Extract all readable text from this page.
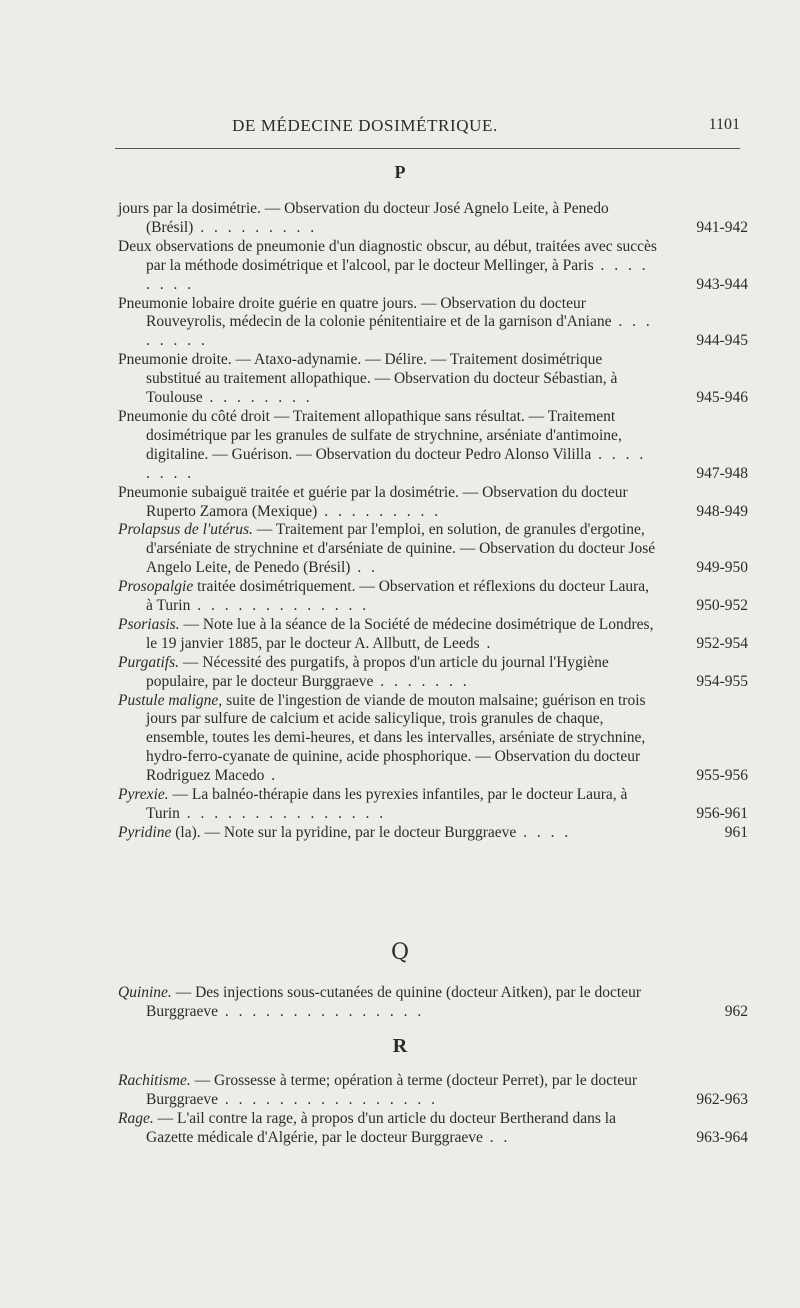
DE MÉDECINE DOSIMÉTRIQUE.	1101
P
jours par la dosimétrie. — Observation du docteur José Agnelo Leite, à Penedo (Brésil) . . . . . . . . .	941-942
Deux observations de pneumonie d'un diagnostic obscur, au début, traitées avec succès par la méthode dosimétrique et l'alcool, par le docteur Mellinger, à Paris . . . . . . . .	943-944
Pneumonie lobaire droite guérie en quatre jours. — Observation du docteur Rouveyrolis, médecin de la colonie pénitentiaire et de la garnison d'Aniane . . . . . . . .	944-945
Pneumonie droite. — Ataxo-adynamie. — Délire. — Traitement dosimétrique substitué au traitement allopathique. — Observation du docteur Sébastian, à Toulouse . . . . . . . .	945-946
Pneumonie du côté droit — Traitement allopathique sans résultat. — Traitement dosimétrique par les granules de sulfate de strychnine, arséniate d'antimoine, digitaline. — Guérison. — Observation du docteur Pedro Alonso Vililla . . . . . . . .	947-948
Pneumonie subaiguë traitée et guérie par la dosimétrie. — Observation du docteur Ruperto Zamora (Mexique) . . . . . . . . .	948-949
Prolapsus de l'utérus. — Traitement par l'emploi, en solution, de granules d'ergotine, d'arséniate de strychnine et d'arséniate de quinine. — Observation du docteur José Angelo Leite, de Penedo (Brésil) . .	949-950
Prosopalgie traitée dosimétriquement. — Observation et réflexions du docteur Laura, à Turin . . . . . . . . . . . . .	950-952
Psoriasis. — Note lue à la séance de la Société de médecine dosimétrique de Londres, le 19 janvier 1885, par le docteur A. Allbutt, de Leeds .	952-954
Purgatifs. — Nécessité des purgatifs, à propos d'un article du journal l'Hygiène populaire, par le docteur Burggraeve . . . . . . .	954-955
Pustule maligne, suite de l'ingestion de viande de mouton malsaine; guérison en trois jours par sulfure de calcium et acide salicylique, trois granules de chaque, ensemble, toutes les demi-heures, et dans les intervalles, arséniate de strychnine, hydro-ferro-cyanate de quinine, acide phosphorique. — Observation du docteur Rodriguez Macedo .	955-956
Pyrexie. — La balnéo-thérapie dans les pyrexies infantiles, par le docteur Laura, à Turin . . . . . . . . . . . . . . .	956-961
Pyridine (la). — Note sur la pyridine, par le docteur Burggraeve . . . .	961
Q
Quinine. — Des injections sous-cutanées de quinine (docteur Aitken), par le docteur Burggraeve . . . . . . . . . . . . . . .	962
R
Rachitisme. — Grossesse à terme; opération à terme (docteur Perret), par le docteur Burggraeve . . . . . . . . . . . . . . . .	962-963
Rage. — L'ail contre la rage, à propos d'un article du docteur Bertherand dans la Gazette médicale d'Algérie, par le docteur Burggraeve . .	963-964
